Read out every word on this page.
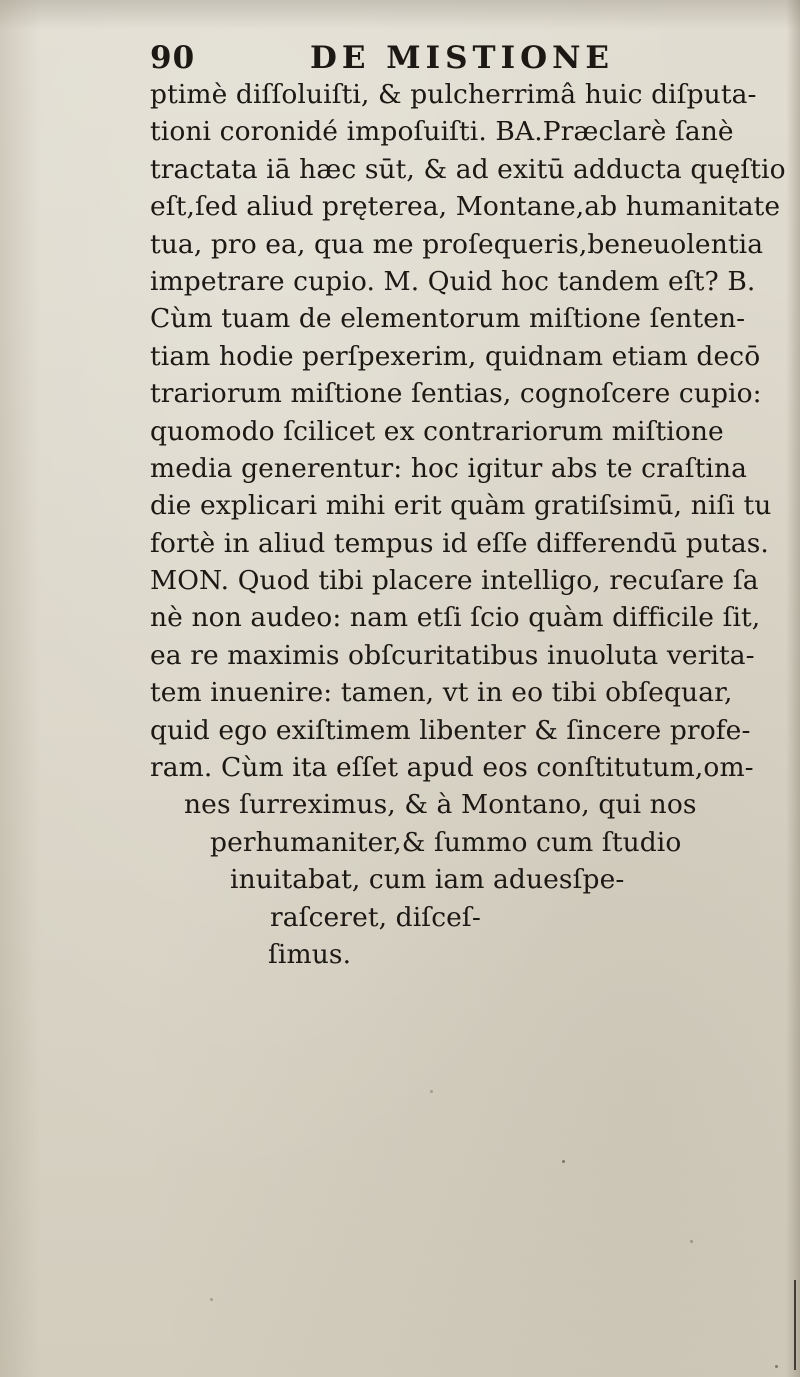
90	DE MISTIONE
ptimè diſſoluiſti, & pulcherrimâ huic diſputa-
tioni coronidé impoſuiſti. BA.Præclarè ſanè
tractata iā hæc sūt, & ad exitū adducta quęſtio
eſt,ſed aliud pręterea, Montane,ab humanitate
tua, pro ea, qua me proſequeris,beneuolentia
impetrare cupio. M. Quid hoc tandem eſt? B.
Cùm tuam de elementorum miſtione ſenten-
tiam hodie perſpexerim, quidnam etiam decō
trariorum miſtione ſentias, cognoſcere cupio:
quomodo ſcilicet ex contrariorum miſtione
media generentur: hoc igitur abs te craſtina
die explicari mihi erit quàm gratiſsimū, niſi tu
fortè in aliud tempus id eſſe differendū putas.
MON. Quod tibi placere intelligo, recuſare ſa
nè non audeo: nam etſi ſcio quàm difficile ſit,
ea re maximis obſcuritatibus inuoluta verita-
tem inuenire: tamen, vt in eo tibi obſequar,
quid ego exiſtimem libenter & ſincere profe-
ram. Cùm ita eſſet apud eos conſtitutum,om-
nes ſurreximus, & à Montano, qui nos
perhumaniter,& ſummo cum ſtudio
inuitabat, cum iam aduesſpe-
raſceret, diſceſ-
ſimus.
